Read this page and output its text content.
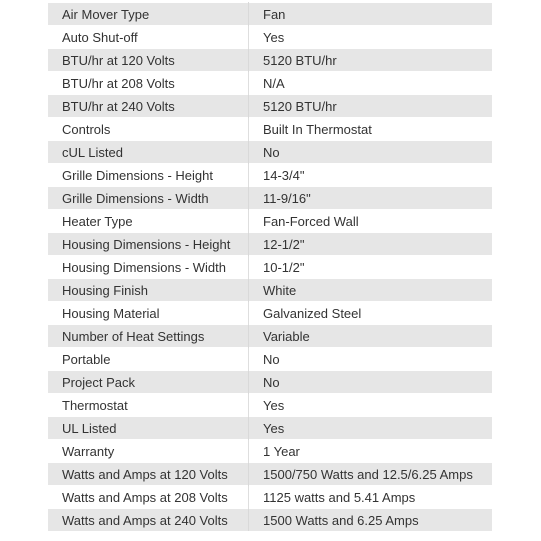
Air Mover Type	Fan
Auto Shut-off	Yes
BTU/hr at 120 Volts	5120 BTU/hr
BTU/hr at 208 Volts	N/A
BTU/hr at 240 Volts	5120 BTU/hr
Controls	Built In Thermostat
cUL Listed	No
Grille Dimensions - Height	14-3/4"
Grille Dimensions - Width	11-9/16"
Heater Type	Fan-Forced Wall
Housing Dimensions - Height	12-1/2"
Housing Dimensions - Width	10-1/2"
Housing Finish	White
Housing Material	Galvanized Steel
Number of Heat Settings	Variable
Portable	No
Project Pack	No
Thermostat	Yes
UL Listed	Yes
Warranty	1 Year
Watts and Amps at 120 Volts	1500/750 Watts and 12.5/6.25 Amps
Watts and Amps at 208 Volts	1125 watts and 5.41 Amps
Watts and Amps at 240 Volts	1500 Watts and 6.25 Amps
